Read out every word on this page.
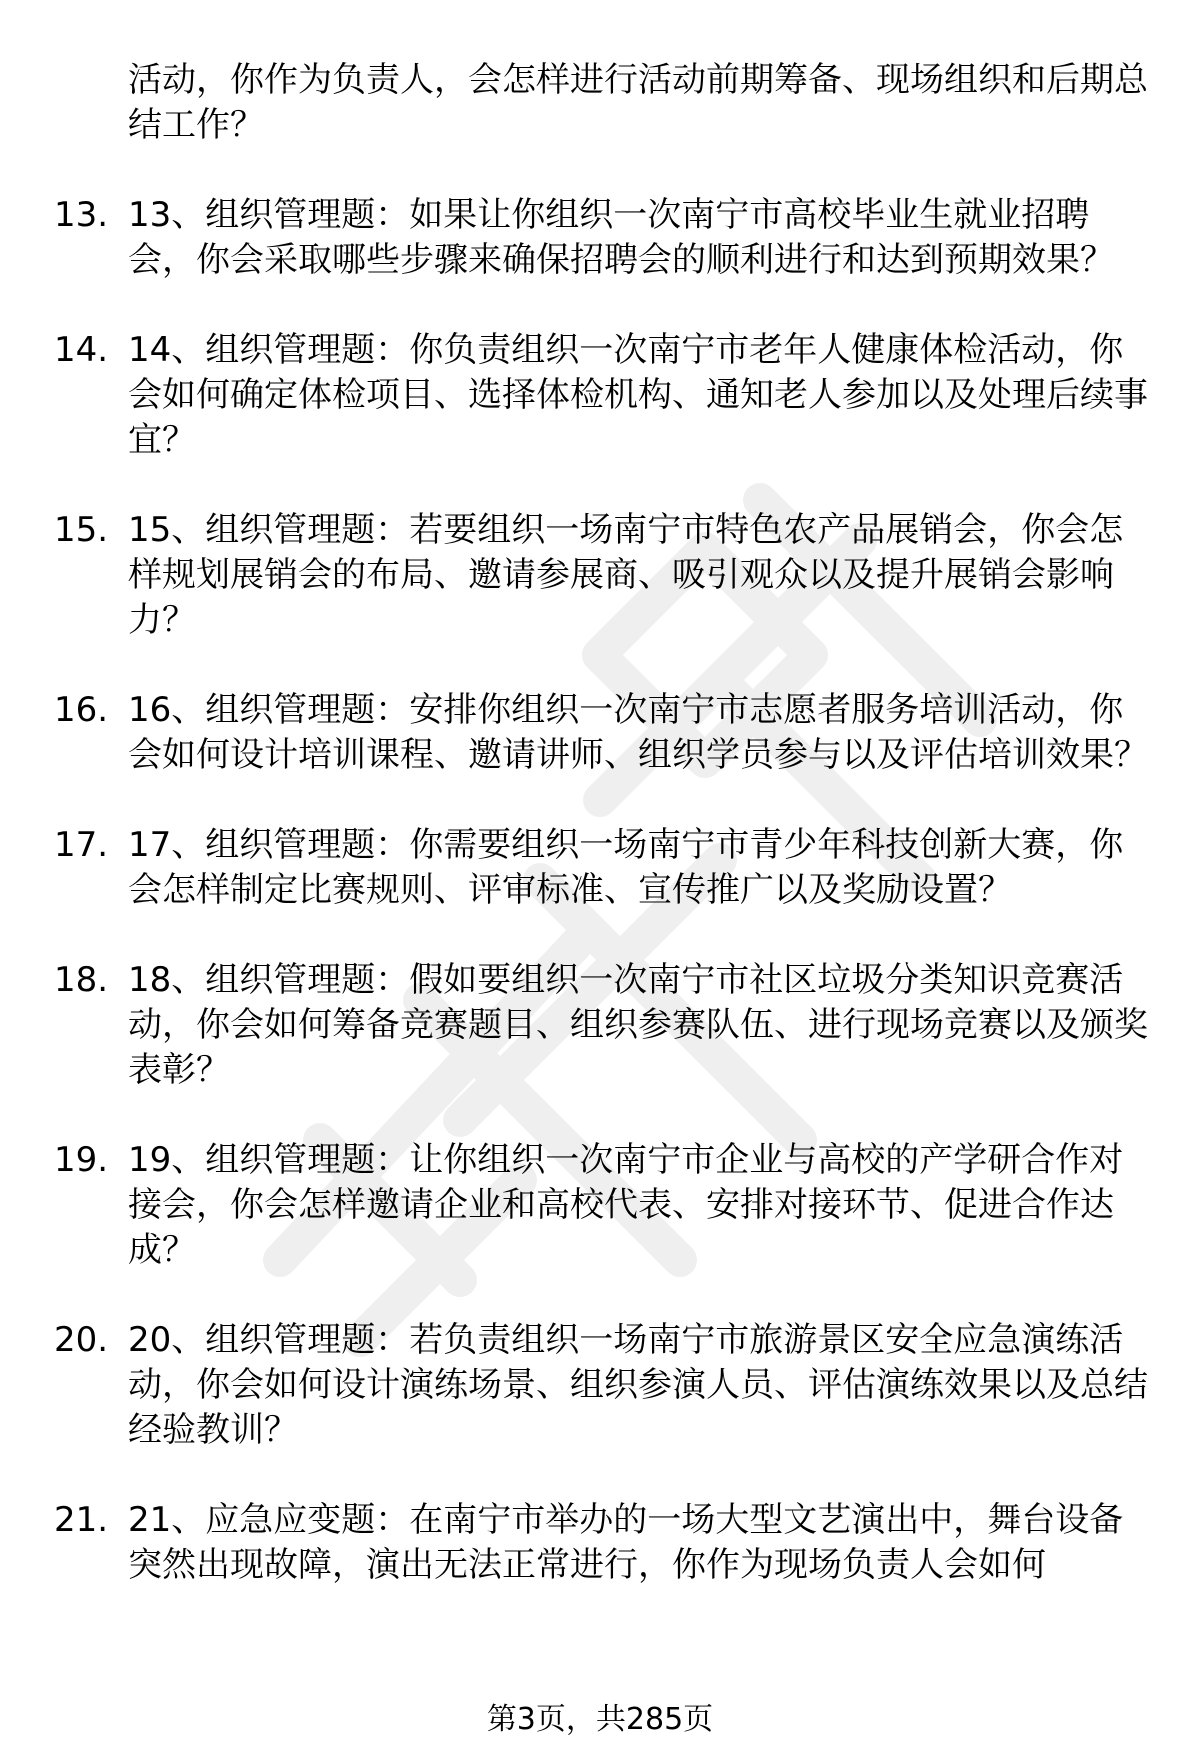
活动，你作为负责人，会怎样进行活动前期筹备、现场组织和后期总结工作？

13. 13、组织管理题：如果让你组织一次南宁市高校毕业生就业招聘会，你会采取哪些步骤来确保招聘会的顺利进行和达到预期效果？
14. 14、组织管理题：你负责组织一次南宁市老年人健康体检活动，你会如何确定体检项目、选择体检机构、通知老人参加以及处理后续事宜？
15. 15、组织管理题：若要组织一场南宁市特色农产品展销会，你会怎样规划展销会的布局、邀请参展商、吸引观众以及提升展销会影响力？
16. 16、组织管理题：安排你组织一次南宁市志愿者服务培训活动，你会如何设计培训课程、邀请讲师、组织学员参与以及评估培训效果？
17. 17、组织管理题：你需要组织一场南宁市青少年科技创新大赛，你会怎样制定比赛规则、评审标准、宣传推广以及奖励设置？
18. 18、组织管理题：假如要组织一次南宁市社区垃圾分类知识竞赛活动，你会如何筹备竞赛题目、组织参赛队伍、进行现场竞赛以及颁奖表彰？
19. 19、组织管理题：让你组织一次南宁市企业与高校的产学研合作对接会，你会怎样邀请企业和高校代表、安排对接环节、促进合作达成？
20. 20、组织管理题：若负责组织一场南宁市旅游景区安全应急演练活动，你会如何设计演练场景、组织参演人员、评估演练效果以及总结经验教训？
21. 21、应急应变题：在南宁市举办的一场大型文艺演出中，舞台设备突然出现故障，演出无法正常进行，你作为现场负责人会如何
第3页，共285页
